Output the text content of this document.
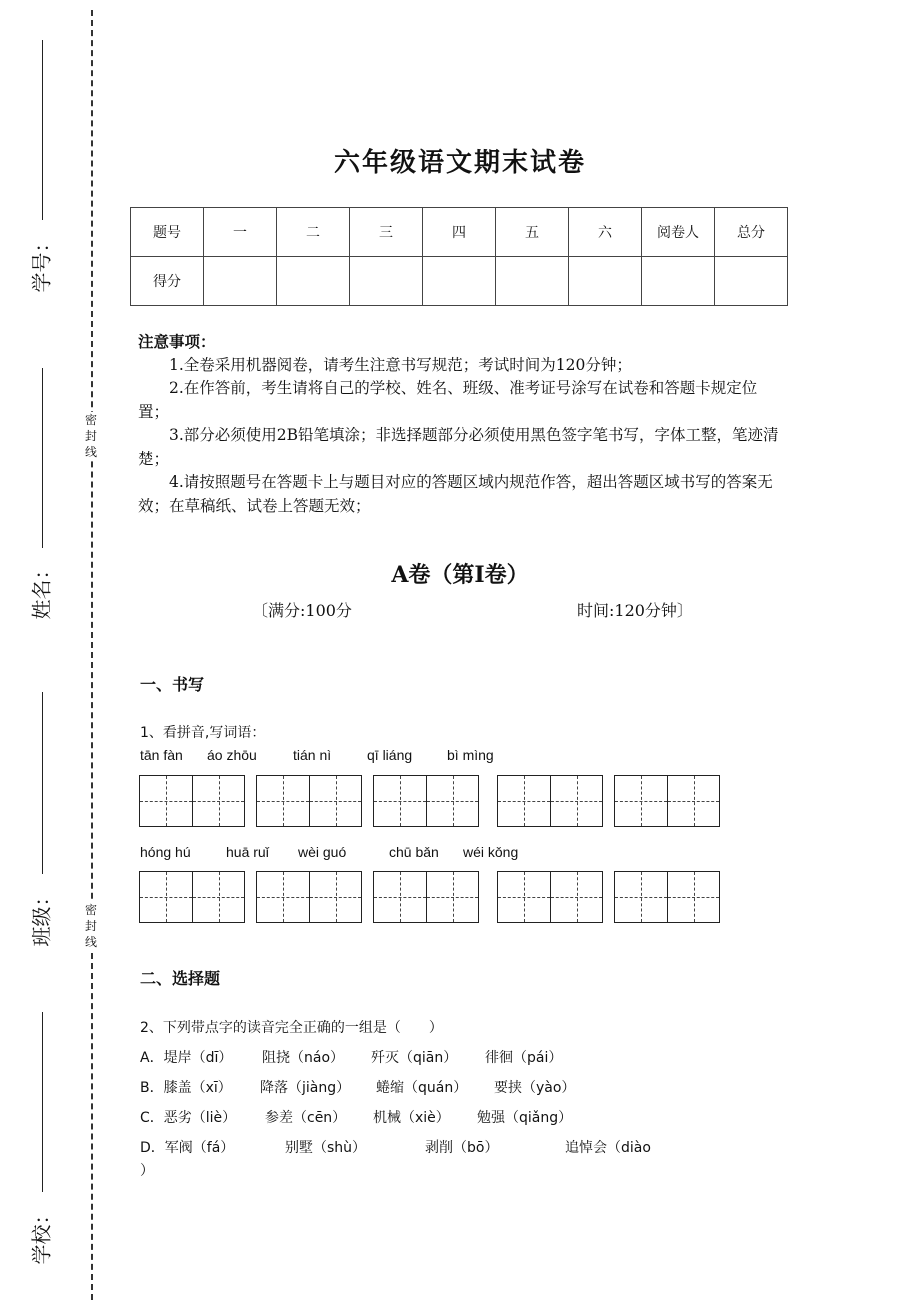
学号：
姓名：
班级：
学校：
密
封
线
密
封
线
六年级语文期末试卷
题号	一	二	三	四	五	六	阅卷人	总分
得分								
注意事项：

1.全卷采用机器阅卷，请考生注意书写规范；考试时间为120分钟；

2.在作答前，考生请将自己的学校、姓名、班级、准考证号涂写在试卷和答题卡规定位置；

3.部分必须使用2B铅笔填涂；非选择题部分必须使用黑色签字笔书写，字体工整，笔迹清楚；

4.请按照题号在答题卡上与题目对应的答题区域内规范作答，超出答题区域书写的答案无效；在草稿纸、试卷上答题无效；

A卷（第I卷）
〔满分:100分	时间:120分钟〕
一、书写
1、看拼音,写词语：
tān fàn áo zhōu	tián nì	qī liáng bì mìng
hóng hú	huā ruǐ wèi guó	chū bǎn wéi kǒng
二、选择题
2、下列带点字的读音完全正确的一组是（　　）
A．堤岸（dī） 阻挠（náo） 歼灭（qiān） 徘徊（pái）
B．膝盖（xī） 降落（jiàng） 蜷缩（quán） 要挟（yào）
C．恶劣（liè） 参差（cēn） 机械（xiè） 勉强（qiǎng）
D．军阀（fá）	别墅（shù）	剥削（bō）	追悼会（diào
）
